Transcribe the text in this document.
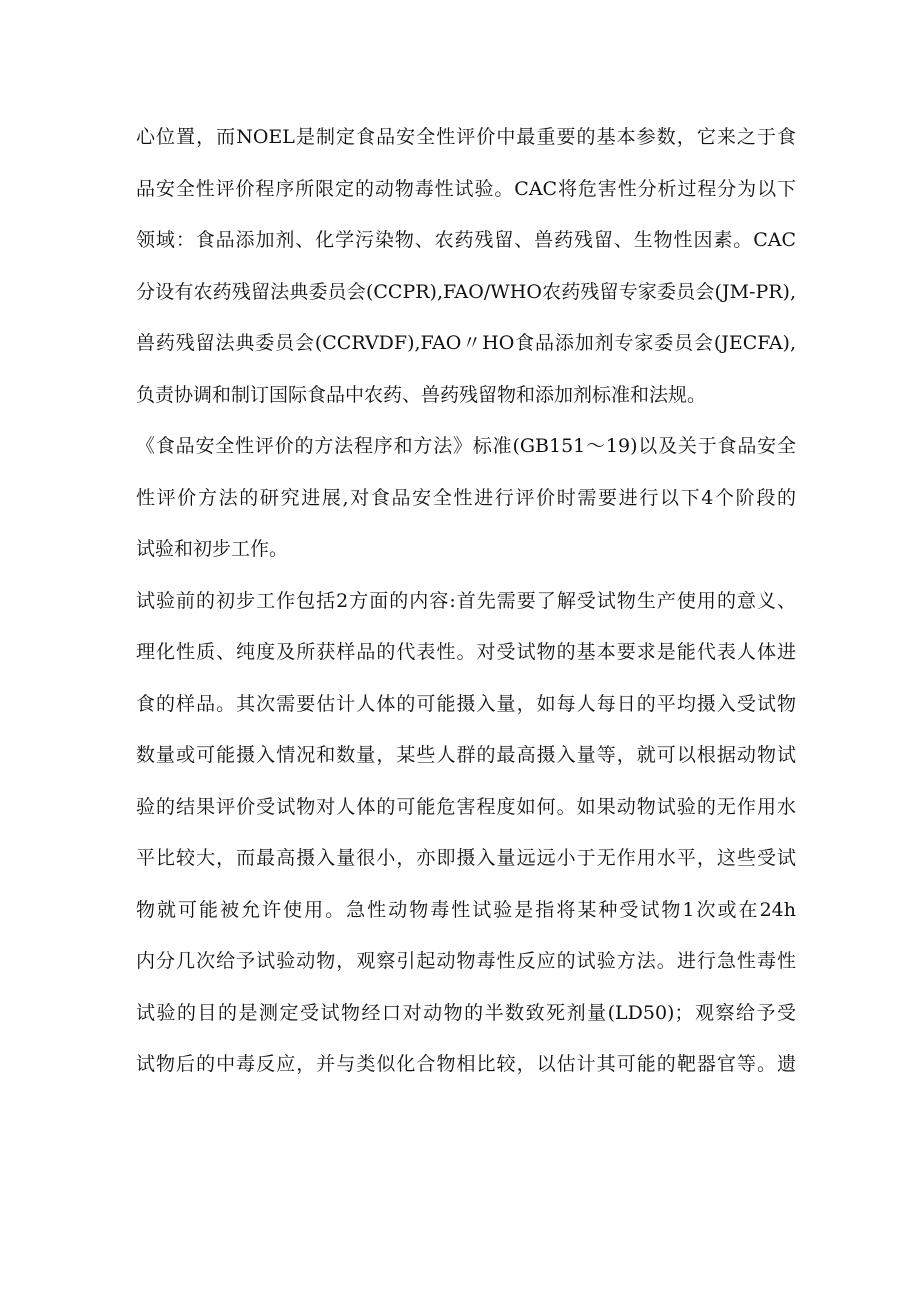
心位置，而NOEL是制定食品安全性评价中最重要的基本参数，它来之于食
品安全性评价程序所限定的动物毒性试验。CAC将危害性分析过程分为以下
领域：食品添加剂、化学污染物、农药残留、兽药残留、生物性因素。CAC
分设有农药残留法典委员会(CCPR),FAO/WHO农药残留专家委员会(JM-PR),
兽药残留法典委员会(CCRVDF),FAO〃HO食品添加剂专家委员会(JECFA),
负责协调和制订国际食品中农药、兽药残留物和添加剂标准和法规。
《食品安全性评价的方法程序和方法》标准(GB151～19)以及关于食品安全
性评价方法的研究进展,对食品安全性进行评价时需要进行以下4个阶段的
试验和初步工作。
试验前的初步工作包括2方面的内容:首先需要了解受试物生产使用的意义、
理化性质、纯度及所获样品的代表性。对受试物的基本要求是能代表人体进
食的样品。其次需要估计人体的可能摄入量，如每人每日的平均摄入受试物
数量或可能摄入情况和数量，某些人群的最高摄入量等，就可以根据动物试
验的结果评价受试物对人体的可能危害程度如何。如果动物试验的无作用水
平比较大，而最高摄入量很小，亦即摄入量远远小于无作用水平，这些受试
物就可能被允许使用。急性动物毒性试验是指将某种受试物1次或在24h
内分几次给予试验动物，观察引起动物毒性反应的试验方法。进行急性毒性
试验的目的是测定受试物经口对动物的半数致死剂量(LD50)；观察给予受
试物后的中毒反应，并与类似化合物相比较，以估计其可能的靶器官等。遗
